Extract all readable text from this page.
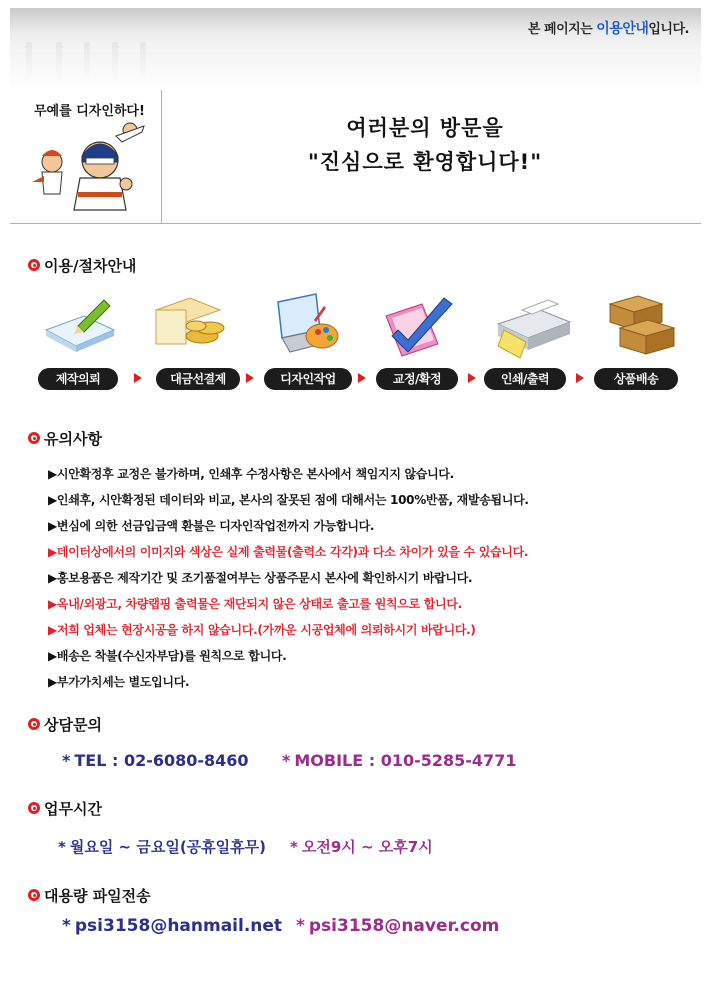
본 페이지는 이용안내입니다.
무예를 디자인하다!
여러분의 방문을
"진심으로 환영합니다!"
이용/절차안내
제작의뢰	대금선결제	디자인작업	교정/확정	인쇄/출력	상품배송
유의사항
▶시안확정후 교정은 불가하며, 인쇄후 수정사항은 본사에서 책임지지 않습니다.
▶인쇄후, 시안확정된 데이터와 비교, 본사의 잘못된 점에 대해서는 100%반품, 재발송됩니다.
▶변심에 의한 선금입금액 환불은 디자인작업전까지 가능합니다.
▶데이터상에서의 이미지와 색상은 실제 출력물(출력소 각각)과 다소 차이가 있을 수 있습니다.
▶홍보용품은 제작기간 및 조기품절여부는 상품주문시 본사에 확인하시기 바랍니다.
▶옥내/외광고, 차량랩핑 출력물은 재단되지 않은 상태로 출고를 원칙으로 합니다.
▶저희 업체는 현장시공을 하지 않습니다.(가까운 시공업체에 의뢰하시기 바랍니다.)
▶배송은 착불(수신자부담)를 원칙으로 합니다.
▶부가가치세는 별도입니다.
상담문의
* TEL : 02-6080-8460 * MOBILE : 010-5285-4771
업무시간
* 월요일 ~ 금요일(공휴일휴무) * 오전9시 ~ 오후7시
대용량 파일전송
* psi3158@hanmail.net * psi3158@naver.com
